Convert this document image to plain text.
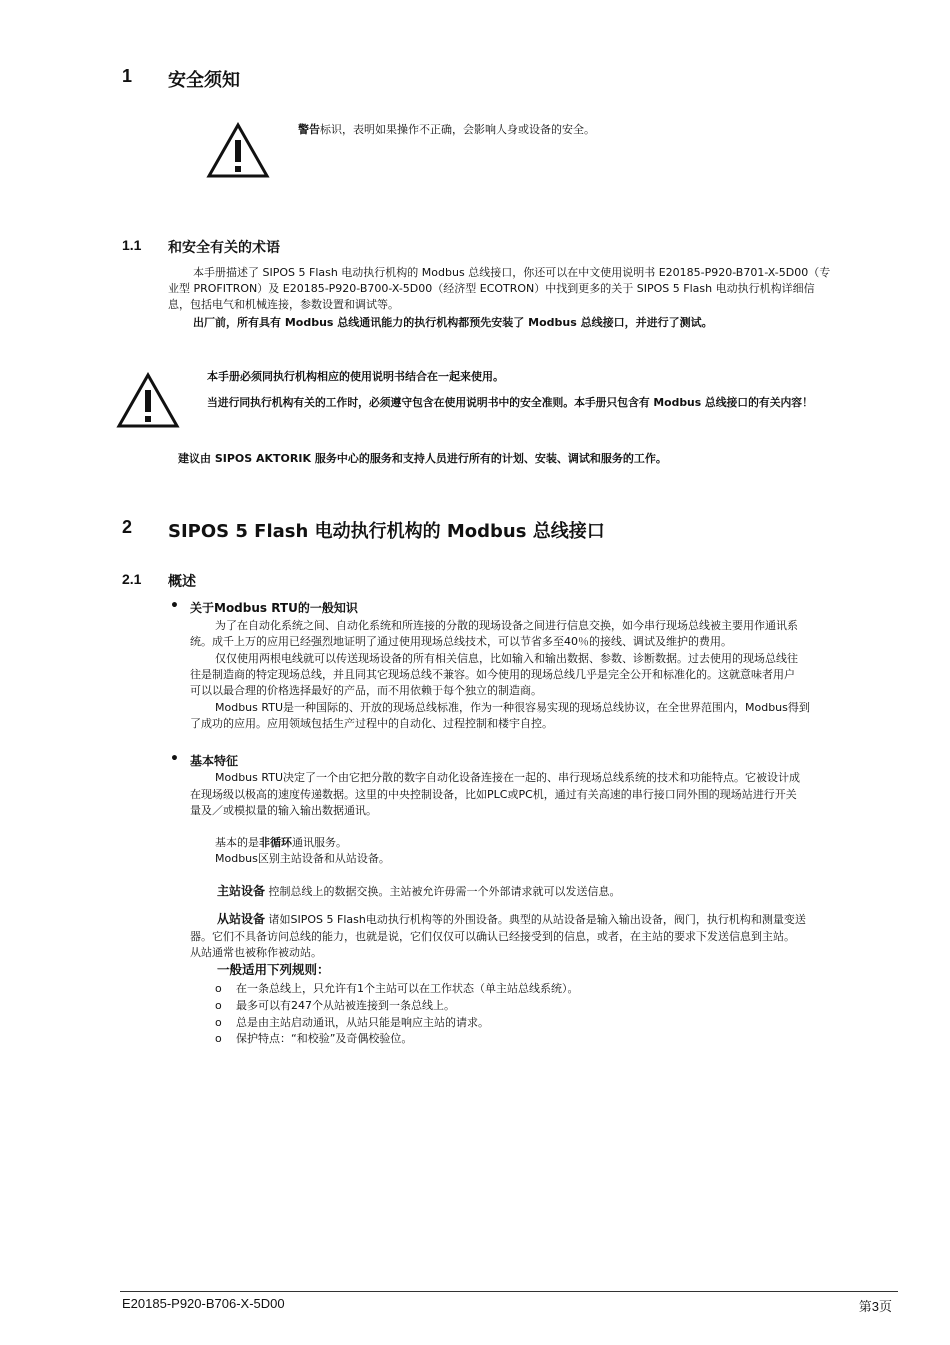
1 安全须知
警告标识，表明如果操作不正确，会影响人身或设备的安全。
1.1 和安全有关的术语
本手册描述了 SIPOS 5 Flash 电动执行机构的 Modbus 总线接口，你还可以在中文使用说明书 E20185-P920-B701-X-5D00（专
业型 PROFITRON）及 E20185-P920-B700-X-5D00（经济型 ECOTRON）中找到更多的关于 SIPOS 5 Flash 电动执行机构详细信
息，包括电气和机械连接，参数设置和调试等。
出厂前，所有具有 Modbus 总线通讯能力的执行机构都预先安装了 Modbus 总线接口，并进行了测试。
本手册必须同执行机构相应的使用说明书结合在一起来使用。
当进行同执行机构有关的工作时，必须遵守包含在使用说明书中的安全准则。本手册只包含有 Modbus 总线接口的有关内容！
建议由 SIPOS AKTORIK 服务中心的服务和支持人员进行所有的计划、安装、调试和服务的工作。
2 SIPOS 5 Flash 电动执行机构的 Modbus 总线接口
2.1 概述
• 关于Modbus RTU的一般知识
为了在自动化系统之间、自动化系统和所连接的分散的现场设备之间进行信息交换，如今串行现场总线被主要用作通讯系
统。成千上万的应用已经强烈地证明了通过使用现场总线技术，可以节省多至40％的接线、调试及维护的费用。
仅仅使用两根电线就可以传送现场设备的所有相关信息，比如输入和输出数据、参数、诊断数据。过去使用的现场总线往
往是制造商的特定现场总线，并且同其它现场总线不兼容。如今使用的现场总线几乎是完全公开和标准化的。这就意味者用户
可以以最合理的价格选择最好的产品，而不用依赖于每个独立的制造商。
Modbus RTU是一种国际的、开放的现场总线标准，作为一种很容易实现的现场总线协议，在全世界范围内，Modbus得到
了成功的应用。应用领域包括生产过程中的自动化、过程控制和楼宇自控。
• 基本特征
Modbus RTU决定了一个由它把分散的数字自动化设备连接在一起的、串行现场总线系统的技术和功能特点。它被设计成
在现场级以极高的速度传递数据。这里的中央控制设备，比如PLC或PC机，通过有关高速的串行接口同外围的现场站进行开关
量及／或模拟量的输入输出数据通讯。
基本的是非循环通讯服务。
Modbus区别主站设备和从站设备。
主站设备 控制总线上的数据交换。主站被允许毋需一个外部请求就可以发送信息。
从站设备 诸如SIPOS 5 Flash电动执行机构等的外围设备。典型的从站设备是输入输出设备，阀门，执行机构和测量变送
器。它们不具备访问总线的能力，也就是说，它们仅仅可以确认已经接受到的信息，或者，在主站的要求下发送信息到主站。
从站通常也被称作被动站。
一般适用下列规则：
o 在一条总线上，只允许有1个主站可以在工作状态（单主站总线系统）。
o 最多可以有247个从站被连接到一条总线上。
o 总是由主站启动通讯，从站只能是响应主站的请求。
o 保护特点：“和校验”及奇偶校验位。
E20185-P920-B706-X-5D00	第3页
